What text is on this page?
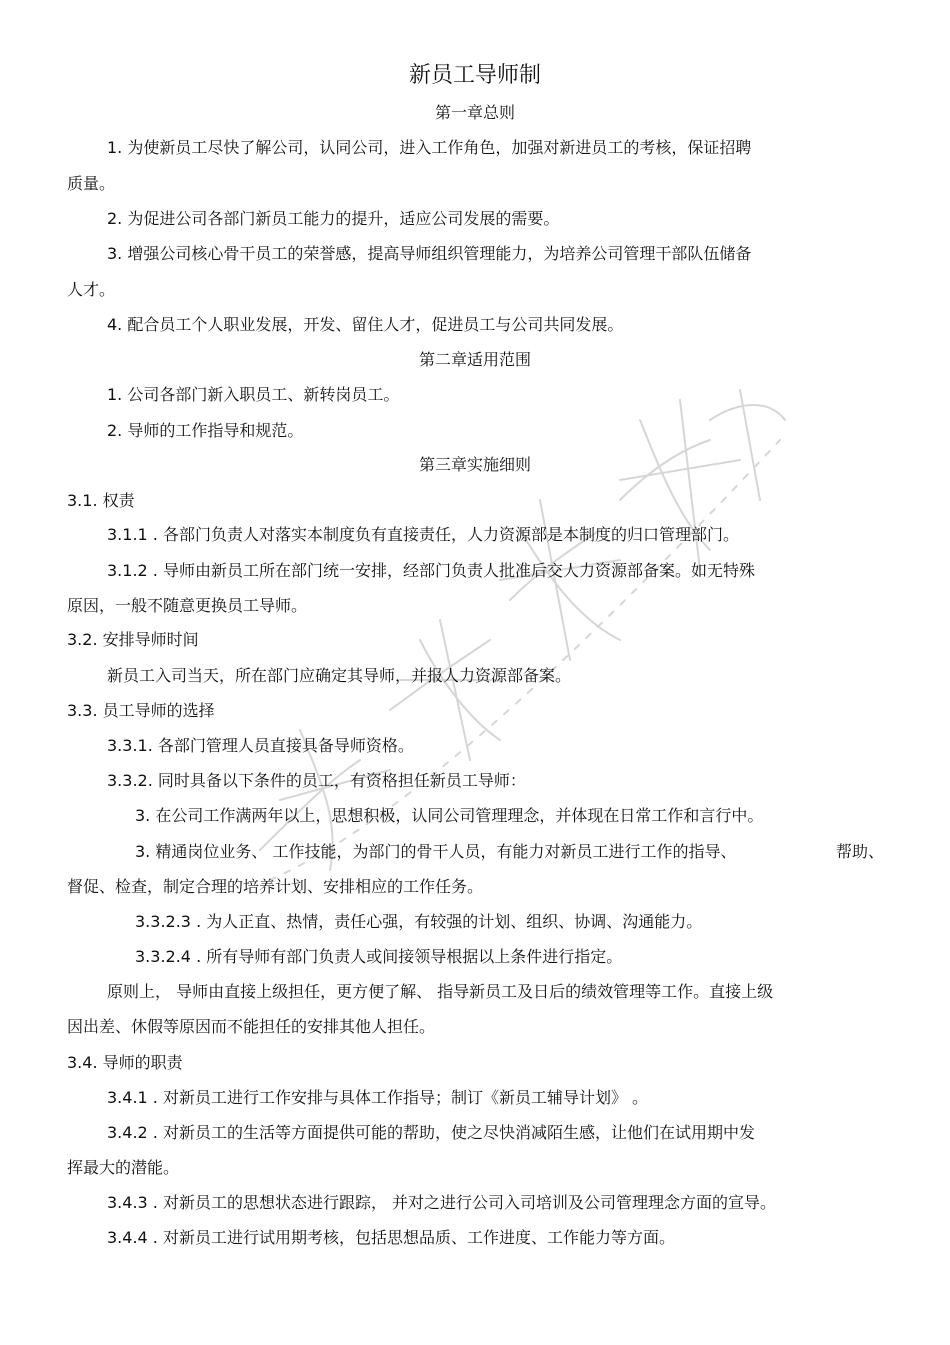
新员工导师制
第一章总则
1. 为使新员工尽快了解公司，认同公司，进入工作角色，加强对新进员工的考核，保证招聘
质量。
2. 为促进公司各部门新员工能力的提升，适应公司发展的需要。
3. 增强公司核心骨干员工的荣誉感，提高导师组织管理能力，为培养公司管理干部队伍储备
人才。
4. 配合员工个人职业发展，开发、留住人才，促进员工与公司共同发展。
第二章适用范围
1. 公司各部门新入职员工、新转岗员工。
2. 导师的工作指导和规范。
第三章实施细则
3.1. 权责
3.1.1 . 各部门负责人对落实本制度负有直接责任，人力资源部是本制度的归口管理部门。
3.1.2 . 导师由新员工所在部门统一安排，经部门负责人批准后交人力资源部备案。如无特殊
原因，一般不随意更换员工导师。
3.2. 安排导师时间
新员工入司当天，所在部门应确定其导师，并报人力资源部备案。
3.3. 员工导师的选择
3.3.1. 各部门管理人员直接具备导师资格。
3.3.2. 同时具备以下条件的员工，有资格担任新员工导师：
3. 在公司工作满两年以上，思想积极，认同公司管理理念，并体现在日常工作和言行中。
3. 精通岗位业务、 工作技能，为部门的骨干人员，有能力对新员工进行工作的指导、	帮助、
督促、检查，制定合理的培养计划、安排相应的工作任务。
3.3.2.3 . 为人正直、热情，责任心强，有较强的计划、组织、协调、沟通能力。
3.3.2.4 . 所有导师有部门负责人或间接领导根据以上条件进行指定。
原则上， 导师由直接上级担任，更方便了解、 指导新员工及日后的绩效管理等工作。直接上级
因出差、休假等原因而不能担任的安排其他人担任。
3.4. 导师的职责
3.4.1 . 对新员工进行工作安排与具体工作指导；制订《新员工辅导计划》 。
3.4.2 . 对新员工的生活等方面提供可能的帮助，使之尽快消减陌生感，让他们在试用期中发
挥最大的潜能。
3.4.3 . 对新员工的思想状态进行跟踪， 并对之进行公司入司培训及公司管理理念方面的宣导。
3.4.4 . 对新员工进行试用期考核，包括思想品质、工作进度、工作能力等方面。
